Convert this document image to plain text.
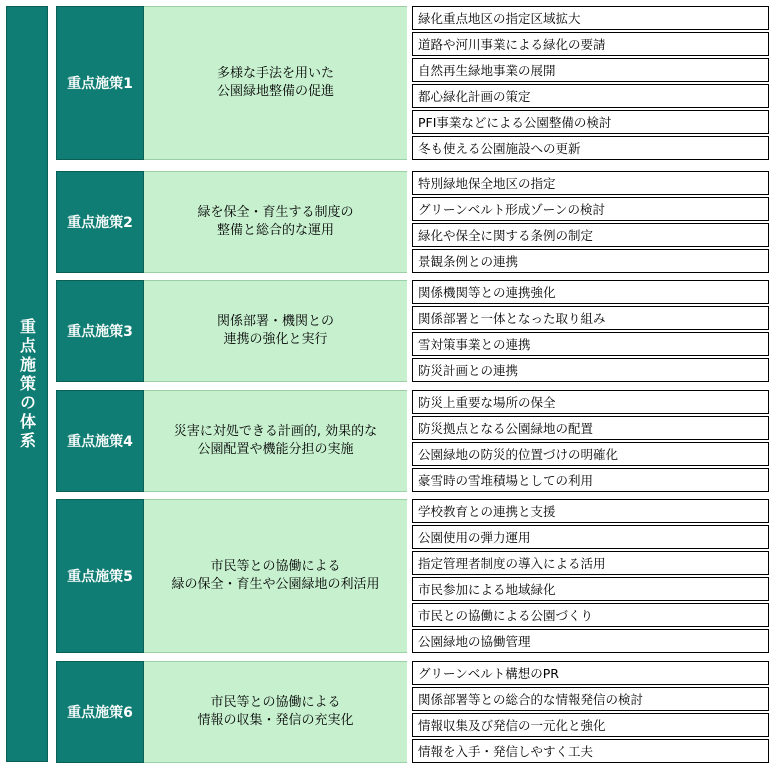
重点施策の体系
重点施策1
多様な手法を用いた
公園緑地整備の促進
緑化重点地区の指定区域拡大
道路や河川事業による緑化の要請
自然再生緑地事業の展開
都心緑化計画の策定
PFI事業などによる公園整備の検討
冬も使える公園施設への更新
重点施策2
緑を保全・育生する制度の
整備と総合的な運用
特別緑地保全地区の指定
グリーンベルト形成ゾーンの検討
緑化や保全に関する条例の制定
景観条例との連携
重点施策3
関係部署・機関との
連携の強化と実行
関係機関等との連携強化
関係部署と一体となった取り組み
雪対策事業との連携
防災計画との連携
重点施策4
災害に対処できる計画的, 効果的な
公園配置や機能分担の実施
防災上重要な場所の保全
防災拠点となる公園緑地の配置
公園緑地の防災的位置づけの明確化
豪雪時の雪堆積場としての利用
重点施策5
市民等との協働による
緑の保全・育生や公園緑地の利活用
学校教育との連携と支援
公園使用の弾力運用
指定管理者制度の導入による活用
市民参加による地域緑化
市民との協働による公園づくり
公園緑地の協働管理
重点施策6
市民等との協働による
情報の収集・発信の充実化
グリーンベルト構想のPR
関係部署等との総合的な情報発信の検討
情報収集及び発信の一元化と強化
情報を入手・発信しやすく工夫
